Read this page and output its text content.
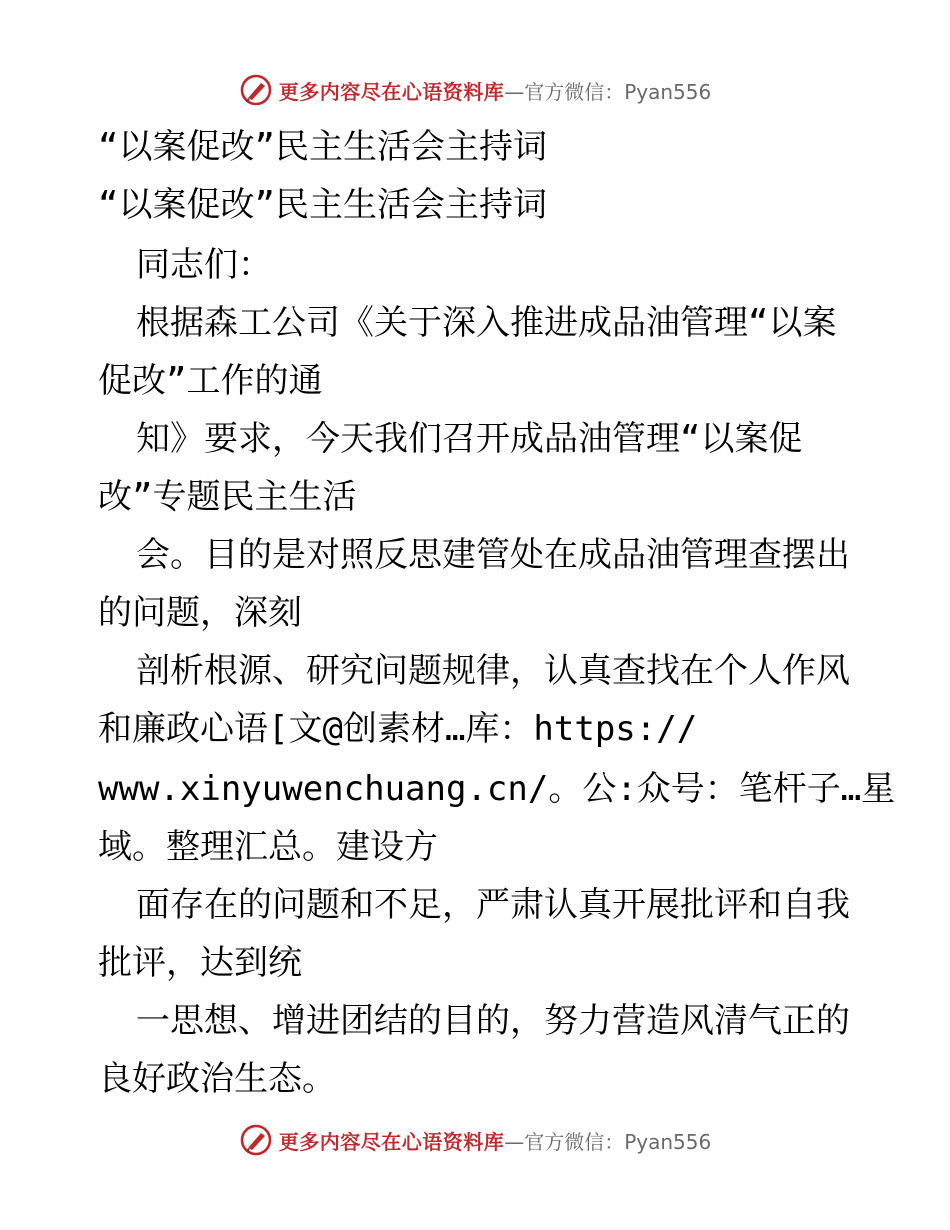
更多内容尽在心语资料库 —官方微信：Pyan556
“以案促改”民主生活会主持词
“以案促改”民主生活会主持词
同志们：
根据森工公司《关于深入推进成品油管理“以案
促改”工作的通
知》要求，今天我们召开成品油管理“以案促
改”专题民主生活
会。目的是对照反思建管处在成品油管理查摆出
的问题，深刻
剖析根源、研究问题规律，认真查找在个人作风
和廉政心语[文@创素材…库：https://
www.xinyuwenchuang.cn/。公:众号：笔杆子…星
域。整理汇总。建设方
面存在的问题和不足，严肃认真开展批评和自我
批评，达到统
一思想、增进团结的目的，努力营造风清气正的
良好政治生态。
更多内容尽在心语资料库 —官方微信：Pyan556
